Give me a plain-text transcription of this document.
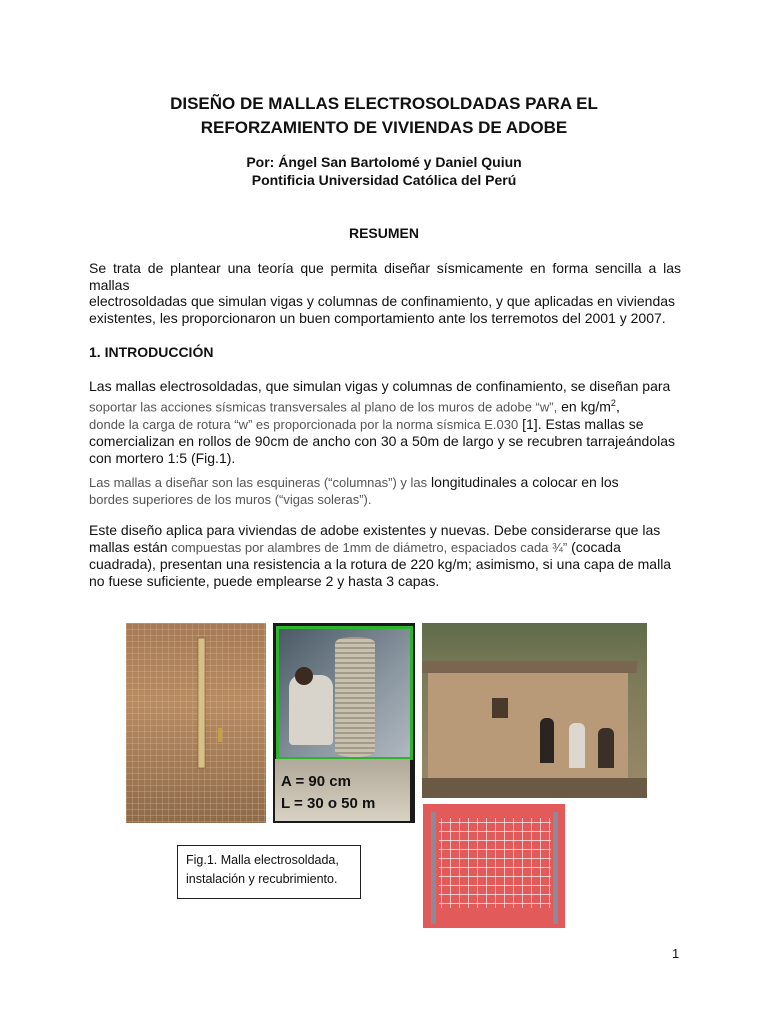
DISEÑO DE MALLAS ELECTROSOLDADAS PARA EL
REFORZAMIENTO DE VIVIENDAS DE ADOBE
Por: Ángel San Bartolomé y Daniel Quiun
Pontificia Universidad Católica del Perú
RESUMEN
Se trata de plantear una teoría que permita diseñar sísmicamente en forma sencilla a las mallas
electrosoldadas que simulan vigas y columnas de confinamiento, y que aplicadas en viviendas
existentes, les proporcionaron un buen comportamiento ante los terremotos del 2001 y 2007.
1. INTRODUCCIÓN
Las mallas electrosoldadas, que simulan vigas y columnas de confinamiento, se diseñan para
soportar las acciones sísmicas transversales al plano de los muros de adobe “w”, en $kg/m^2$,
donde la carga de rotura “w” es proporcionada por la norma sísmica E.030 [1]. Estas mallas se
comercializan en rollos de 90cm de ancho con 30 a 50m de largo y se recubren tarrajeándolas
con mortero 1:5 (Fig.1).
Las mallas a diseñar son las esquineras (“columnas”) y las longitudinales a colocar en los
bordes superiores de los muros (“vigas soleras”).
Este diseño aplica para viviendas de adobe existentes y nuevas. Debe considerarse que las
mallas están compuestas por alambres de 1mm de diámetro, espaciados cada ¾” (cocada
cuadrada), presentan una resistencia a la rotura de 220 kg/m; asimismo, si una capa de malla
no fuese suficiente, puede emplearse 2 y hasta 3 capas.
A = 90 cm
L = 30 o 50 m
Fig.1. Malla electrosoldada,
instalación y recubrimiento.
1
